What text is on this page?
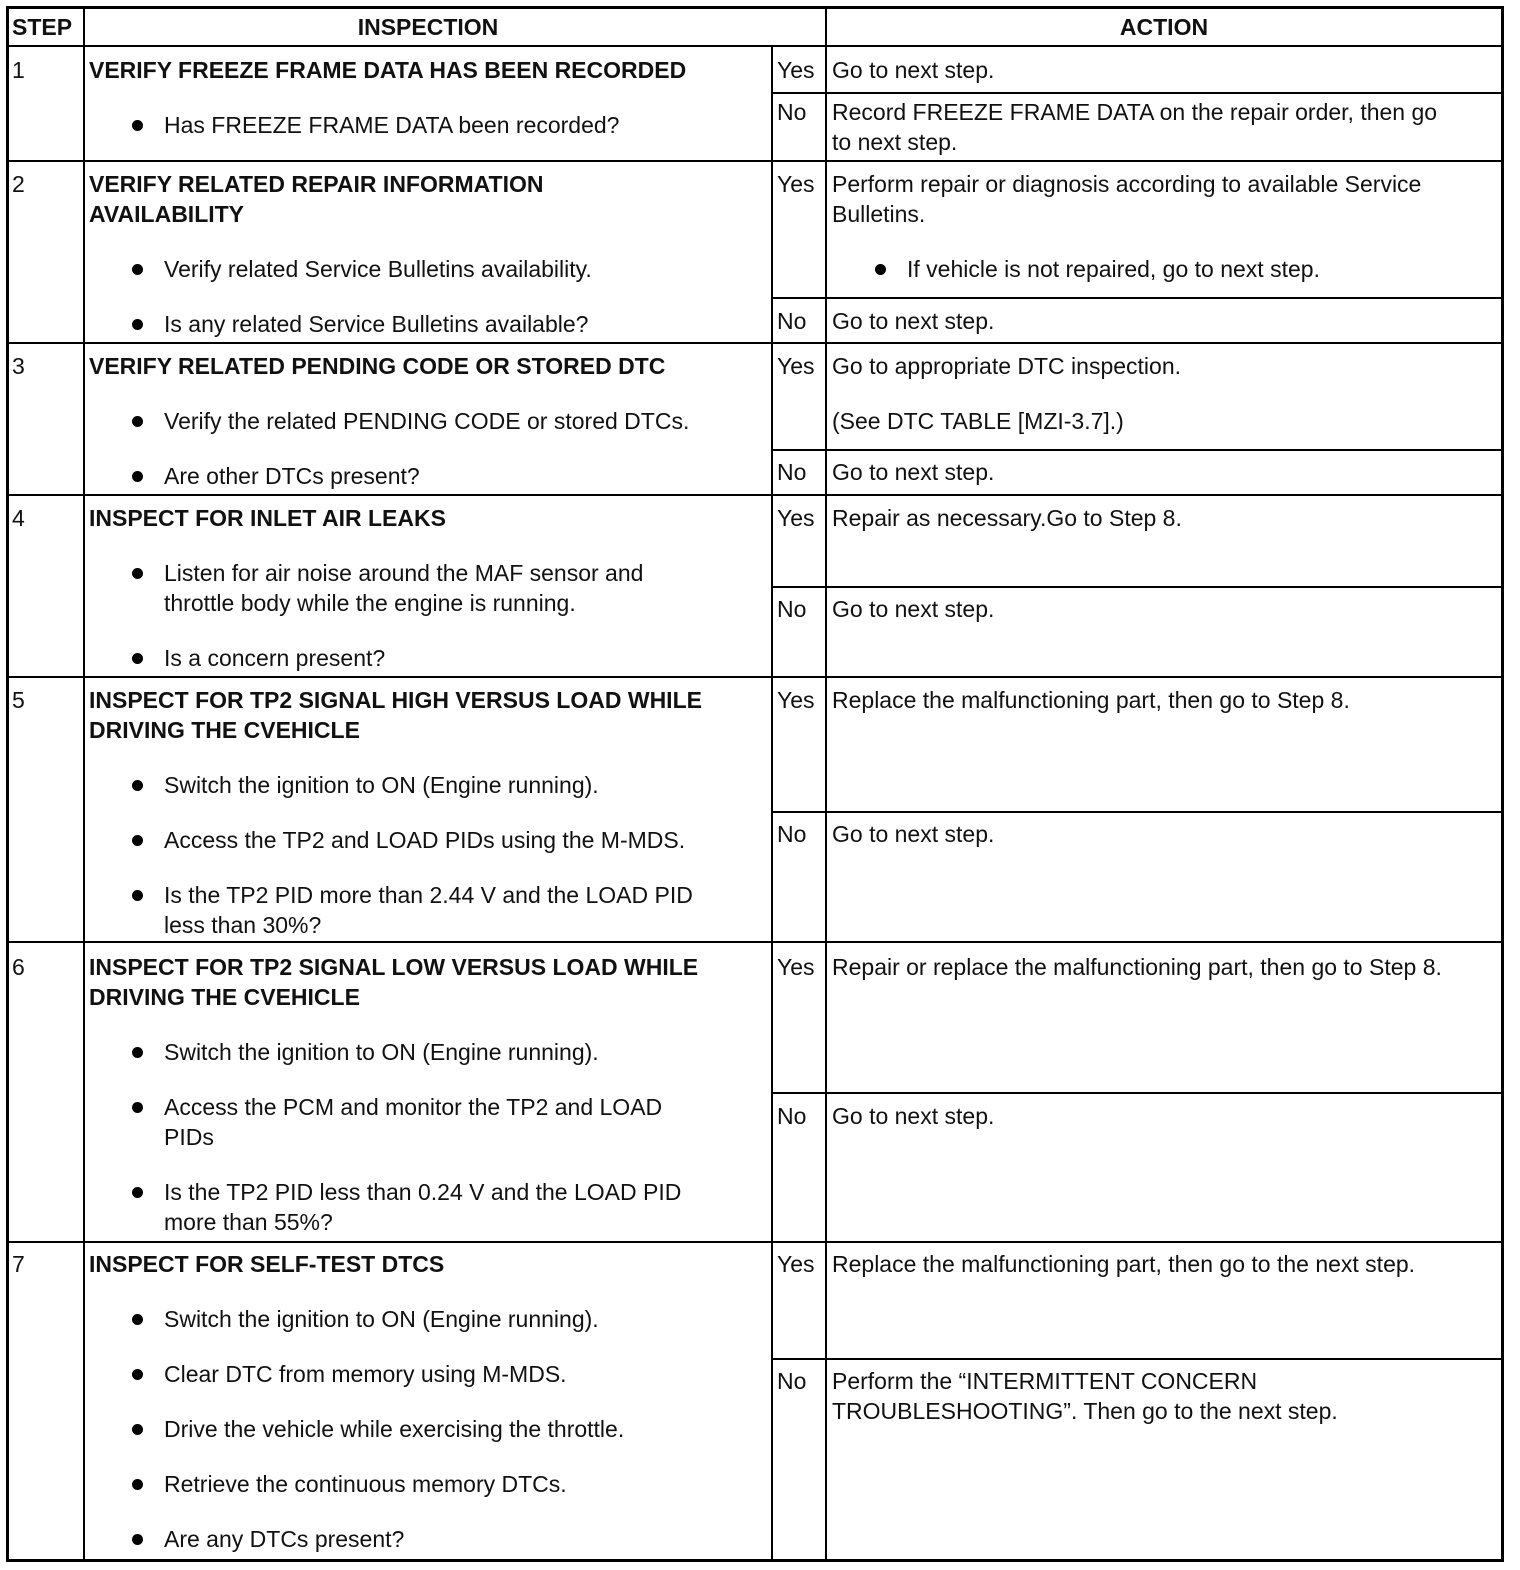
STEP	INSPECTION	ACTION
1	VERIFY FREEZE FRAME DATA HAS BEEN RECORDED
Has FREEZE FRAME DATA been recorded?
Yes Go to next step.
No Record FREEZE FRAME DATA on the repair order, then go
to next step.
2	VERIFY RELATED REPAIR INFORMATION
AVAILABILITY
Verify related Service Bulletins availability.
Is any related Service Bulletins available?
Yes Perform repair or diagnosis according to available Service
Bulletins.
If vehicle is not repaired, go to next step.
No Go to next step.
3	VERIFY RELATED PENDING CODE OR STORED DTC
Verify the related PENDING CODE or stored DTCs.
Are other DTCs present?
Yes Go to appropriate DTC inspection.
(See DTC TABLE [MZI-3.7].)
No Go to next step.
4	INSPECT FOR INLET AIR LEAKS
Listen for air noise around the MAF sensor and
throttle body while the engine is running.
Is a concern present?
Yes Repair as necessary.Go to Step 8.
No Go to next step.
5	INSPECT FOR TP2 SIGNAL HIGH VERSUS LOAD WHILE
DRIVING THE CVEHICLE
Switch the ignition to ON (Engine running).
Access the TP2 and LOAD PIDs using the M-MDS.
Is the TP2 PID more than 2.44 V and the LOAD PID
less than 30%?
Yes Replace the malfunctioning part, then go to Step 8.
No Go to next step.
6	INSPECT FOR TP2 SIGNAL LOW VERSUS LOAD WHILE
DRIVING THE CVEHICLE
Switch the ignition to ON (Engine running).
Access the PCM and monitor the TP2 and LOAD
PIDs
Is the TP2 PID less than 0.24 V and the LOAD PID
more than 55%?
Yes Repair or replace the malfunctioning part, then go to Step 8.
No Go to next step.
7	INSPECT FOR SELF-TEST DTCS
Switch the ignition to ON (Engine running).
Clear DTC from memory using M-MDS.
Drive the vehicle while exercising the throttle.
Retrieve the continuous memory DTCs.
Are any DTCs present?
Yes Replace the malfunctioning part, then go to the next step.
No Perform the “INTERMITTENT CONCERN
TROUBLESHOOTING”. Then go to the next step.
